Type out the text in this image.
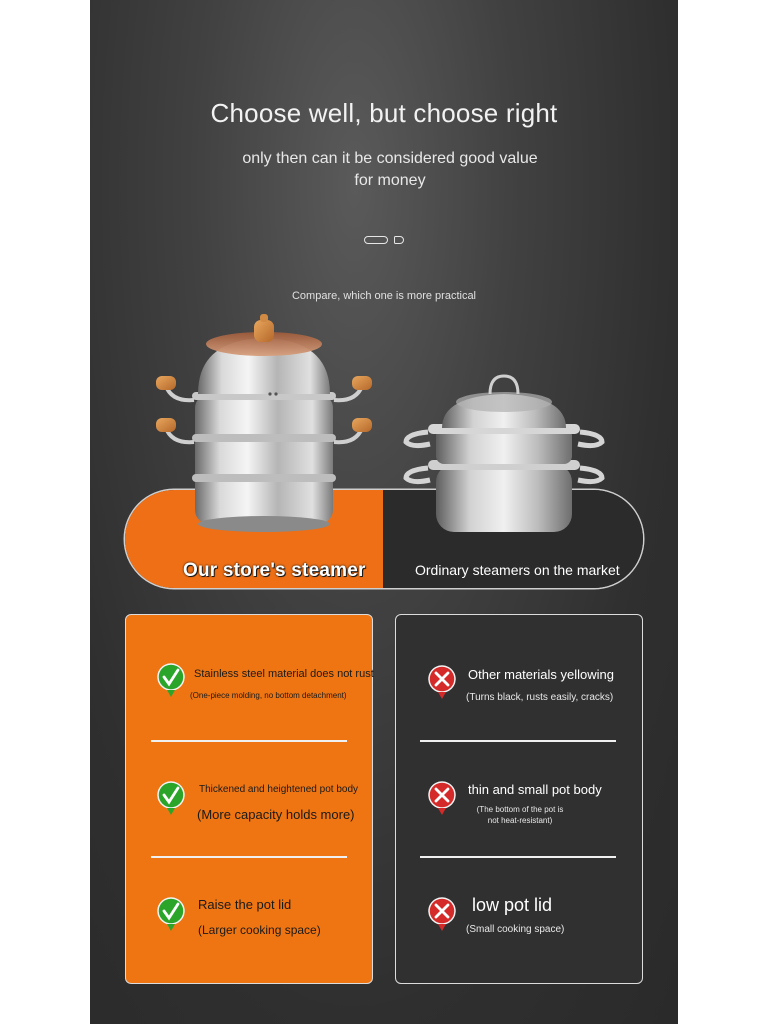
Choose well, but choose right
only then can it be considered good value for money
Compare, which one is more practical
Our store's steamer	Ordinary steamers on the market
Stainless steel material does not rust
(One-piece molding, no bottom detachment)
Thickened and heightened pot body
(More capacity holds more)
Raise the pot lid
(Larger cooking space)
Other materials yellowing
(Turns black, rusts easily, cracks)
thin and small pot body
(The bottom of the pot is not heat-resistant)
low pot lid
(Small cooking space)
